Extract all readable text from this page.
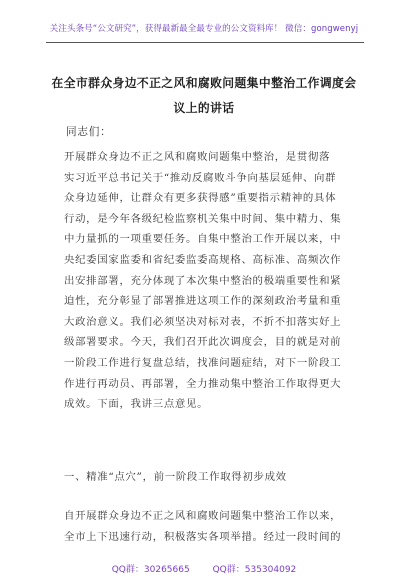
关注头条号“公文研究”，获得最新最全最专业的公文资料库！ 微信：gongwenyj
在全市群众身边不正之风和腐败问题集中整治工作调度会
议上的讲话
同志们：
开展群众身边不正之风和腐败问题集中整治，是贯彻落
实习近平总书记关于“推动反腐败斗争向基层延伸、向群
众身边延伸，让群众有更多获得感”重要指示精神的具体
行动，是今年各级纪检监察机关集中时间、集中精力、集
中力量抓的一项重要任务。自集中整治工作开展以来，中
央纪委国家监委和省纪委监委高规格、高标准、高频次作
出安排部署，充分体现了本次集中整治的极端重要性和紧
迫性，充分彰显了部署推进这项工作的深刻政治考量和重
大政治意义。我们必须坚决对标对表，不折不扣落实好上
级部署要求。今天，我们召开此次调度会，目的就是对前
一阶段工作进行复盘总结，找准问题症结，对下一阶段工
作进行再动员、再部署，全力推动集中整治工作取得更大
成效。下面，我讲三点意见。
一、精准“点穴”，前一阶段工作取得初步成效
自开展群众身边不正之风和腐败问题集中整治工作以来，
全市上下迅速行动，积极落实各项举措。经过一段时间的
QQ群：30265665	QQ群：535304092
